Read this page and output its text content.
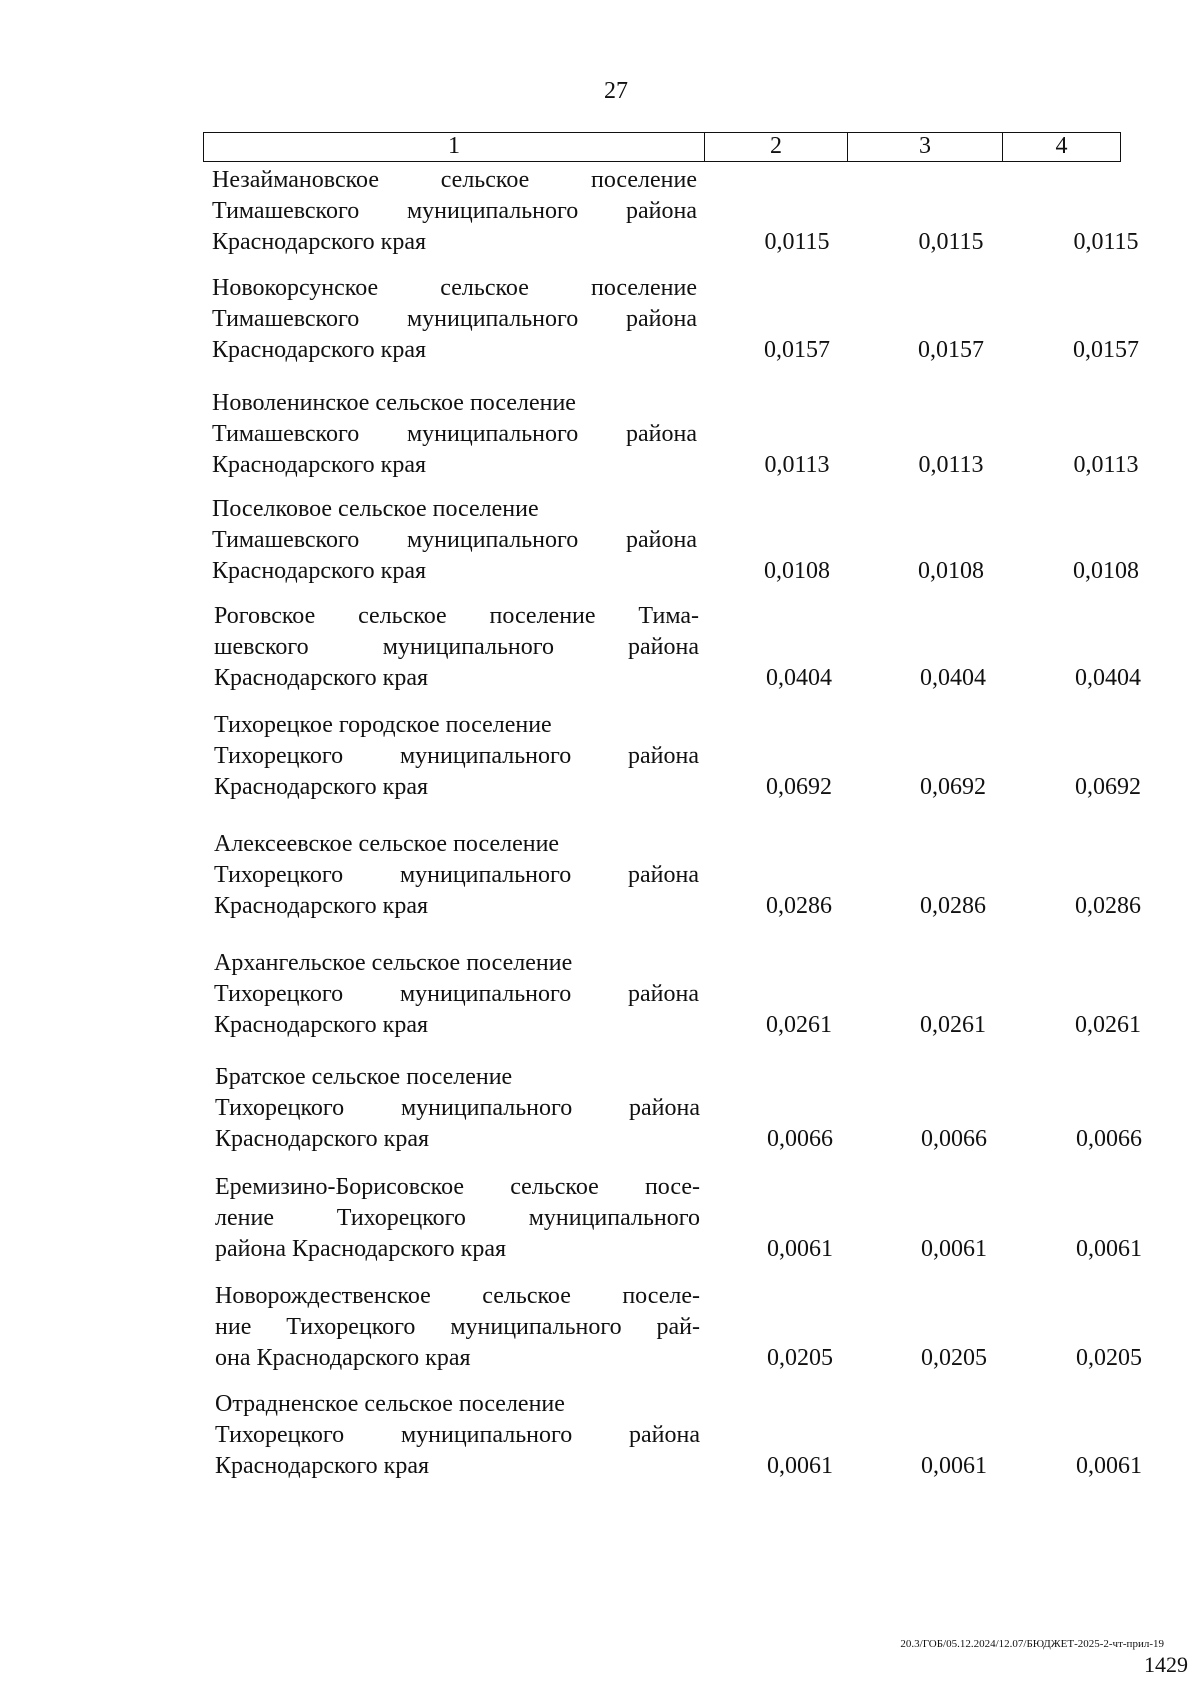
27
1	2	3	4
Незаймановское сельское поселение
Тимашевского муниципального района
Краснодарского края	0,0115	0,0115	0,0115
Новокорсунское сельское поселение
Тимашевского муниципального района
Краснодарского края	0,0157	0,0157	0,0157
Новоленинское сельское поселение
Тимашевского муниципального района
Краснодарского края	0,0113	0,0113	0,0113
Поселковое сельское поселение
Тимашевского муниципального района
Краснодарского края	0,0108	0,0108	0,0108
Роговское сельское поселение Тима-
шевского муниципального района
Краснодарского края	0,0404	0,0404	0,0404
Тихорецкое городское поселение
Тихорецкого муниципального района
Краснодарского края	0,0692	0,0692	0,0692
Алексеевское сельское поселение
Тихорецкого муниципального района
Краснодарского края	0,0286	0,0286	0,0286
Архангельское сельское поселение
Тихорецкого муниципального района
Краснодарского края	0,0261	0,0261	0,0261
Братское сельское поселение
Тихорецкого муниципального района
Краснодарского края	0,0066	0,0066	0,0066
Еремизино-Борисовское сельское посе-
ление Тихорецкого муниципального
района Краснодарского края	0,0061	0,0061	0,0061
Новорождественское сельское поселе-
ние Тихорецкого муниципального рай-
она Краснодарского края	0,0205	0,0205	0,0205
Отрадненское сельское поселение
Тихорецкого муниципального района
Краснодарского края	0,0061	0,0061	0,0061
20.3/ГОБ/05.12.2024/12.07/БЮДЖЕТ-2025-2-чт-прил-19
1429
